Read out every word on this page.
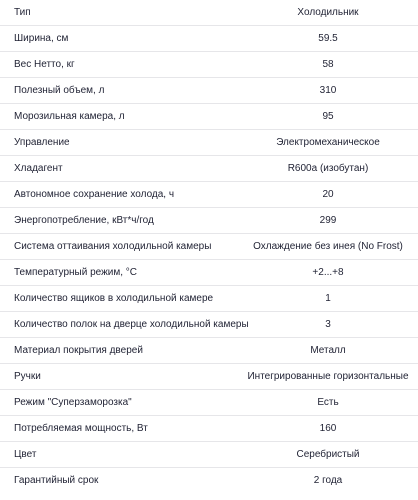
Тип	Холодильник
Ширина, см	59.5
Вес Нетто, кг	58
Полезный объем, л	310
Морозильная камера, л	95
Управление	Электромеханическое
Хладагент	R600a (изобутан)
Автономное сохранение холода, ч	20
Энергопотребление, кВт*ч/год	299
Система оттаивания холодильной камеры	Охлаждение без инея (No Frost)
Температурный режим, °C	+2...+8
Количество ящиков в холодильной камере	1
Количество полок на дверце холодильной камеры	3
Материал покрытия дверей	Металл
Ручки	Интегрированные горизонтальные
Режим "Суперзаморозка"	Есть
Потребляемая мощность, Вт	160
Цвет	Серебристый
Гарантийный срок	2 года
